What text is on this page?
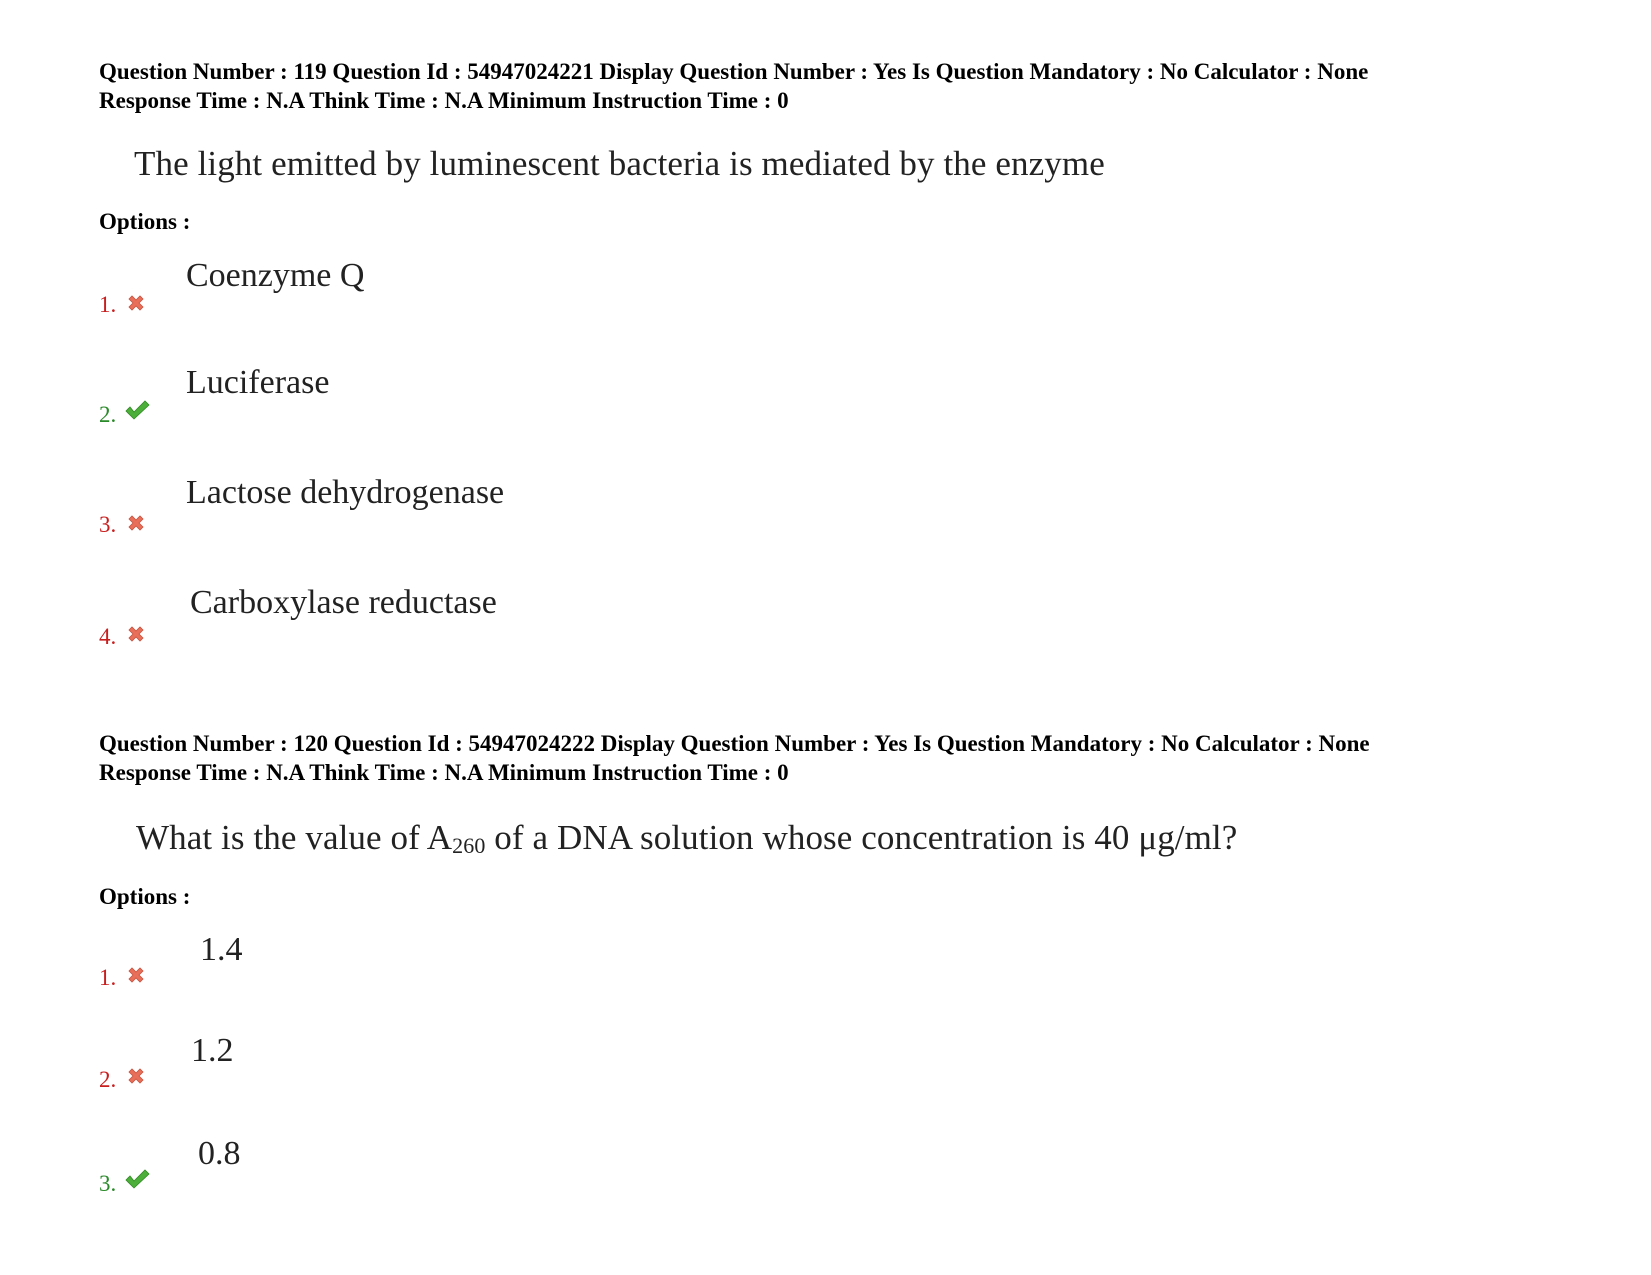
Question Number : 119 Question Id : 54947024221 Display Question Number : Yes Is Question Mandatory : No Calculator : None
Response Time : N.A Think Time : N.A Minimum Instruction Time : 0
The light emitted by luminescent bacteria is mediated by the enzyme
Options :
1.
Coenzyme Q
2.
Luciferase
3.
Lactose dehydrogenase
4.
Carboxylase reductase
Question Number : 120 Question Id : 54947024222 Display Question Number : Yes Is Question Mandatory : No Calculator : None
Response Time : N.A Think Time : N.A Minimum Instruction Time : 0
What is the value of $A_{260}$ of a DNA solution whose concentration is 40 μg/ml?
Options :
1.
1.4
2.
1.2
3.
0.8
